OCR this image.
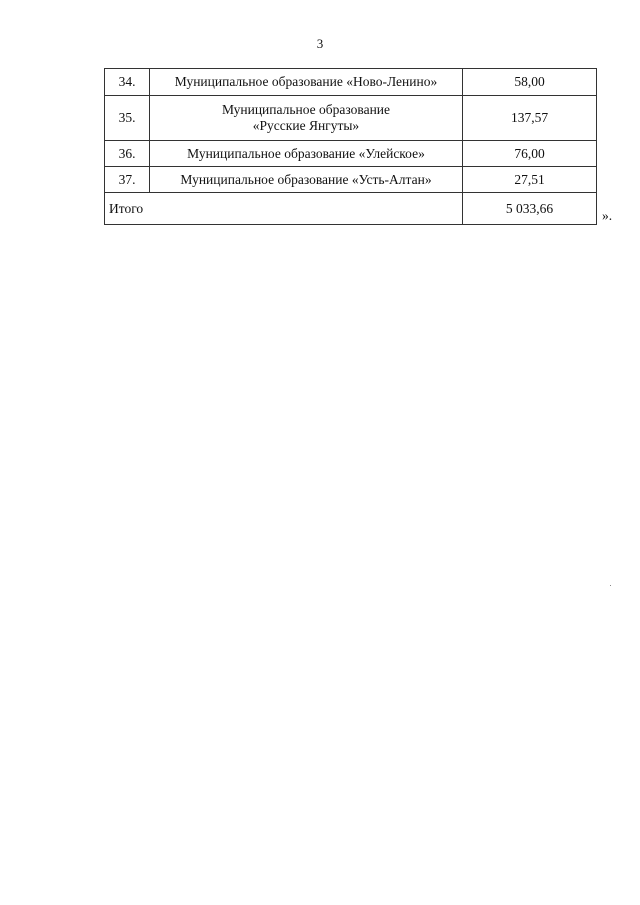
3
34.	Муниципальное образование «Ново-Ленино»	58,00
35.	Муниципальное образование
«Русские Янгуты»	137,57
36.	Муниципальное образование «Улейское»	76,00
37.	Муниципальное образование «Усть-Алтан»	27,51
Итого		5 033,66	».
